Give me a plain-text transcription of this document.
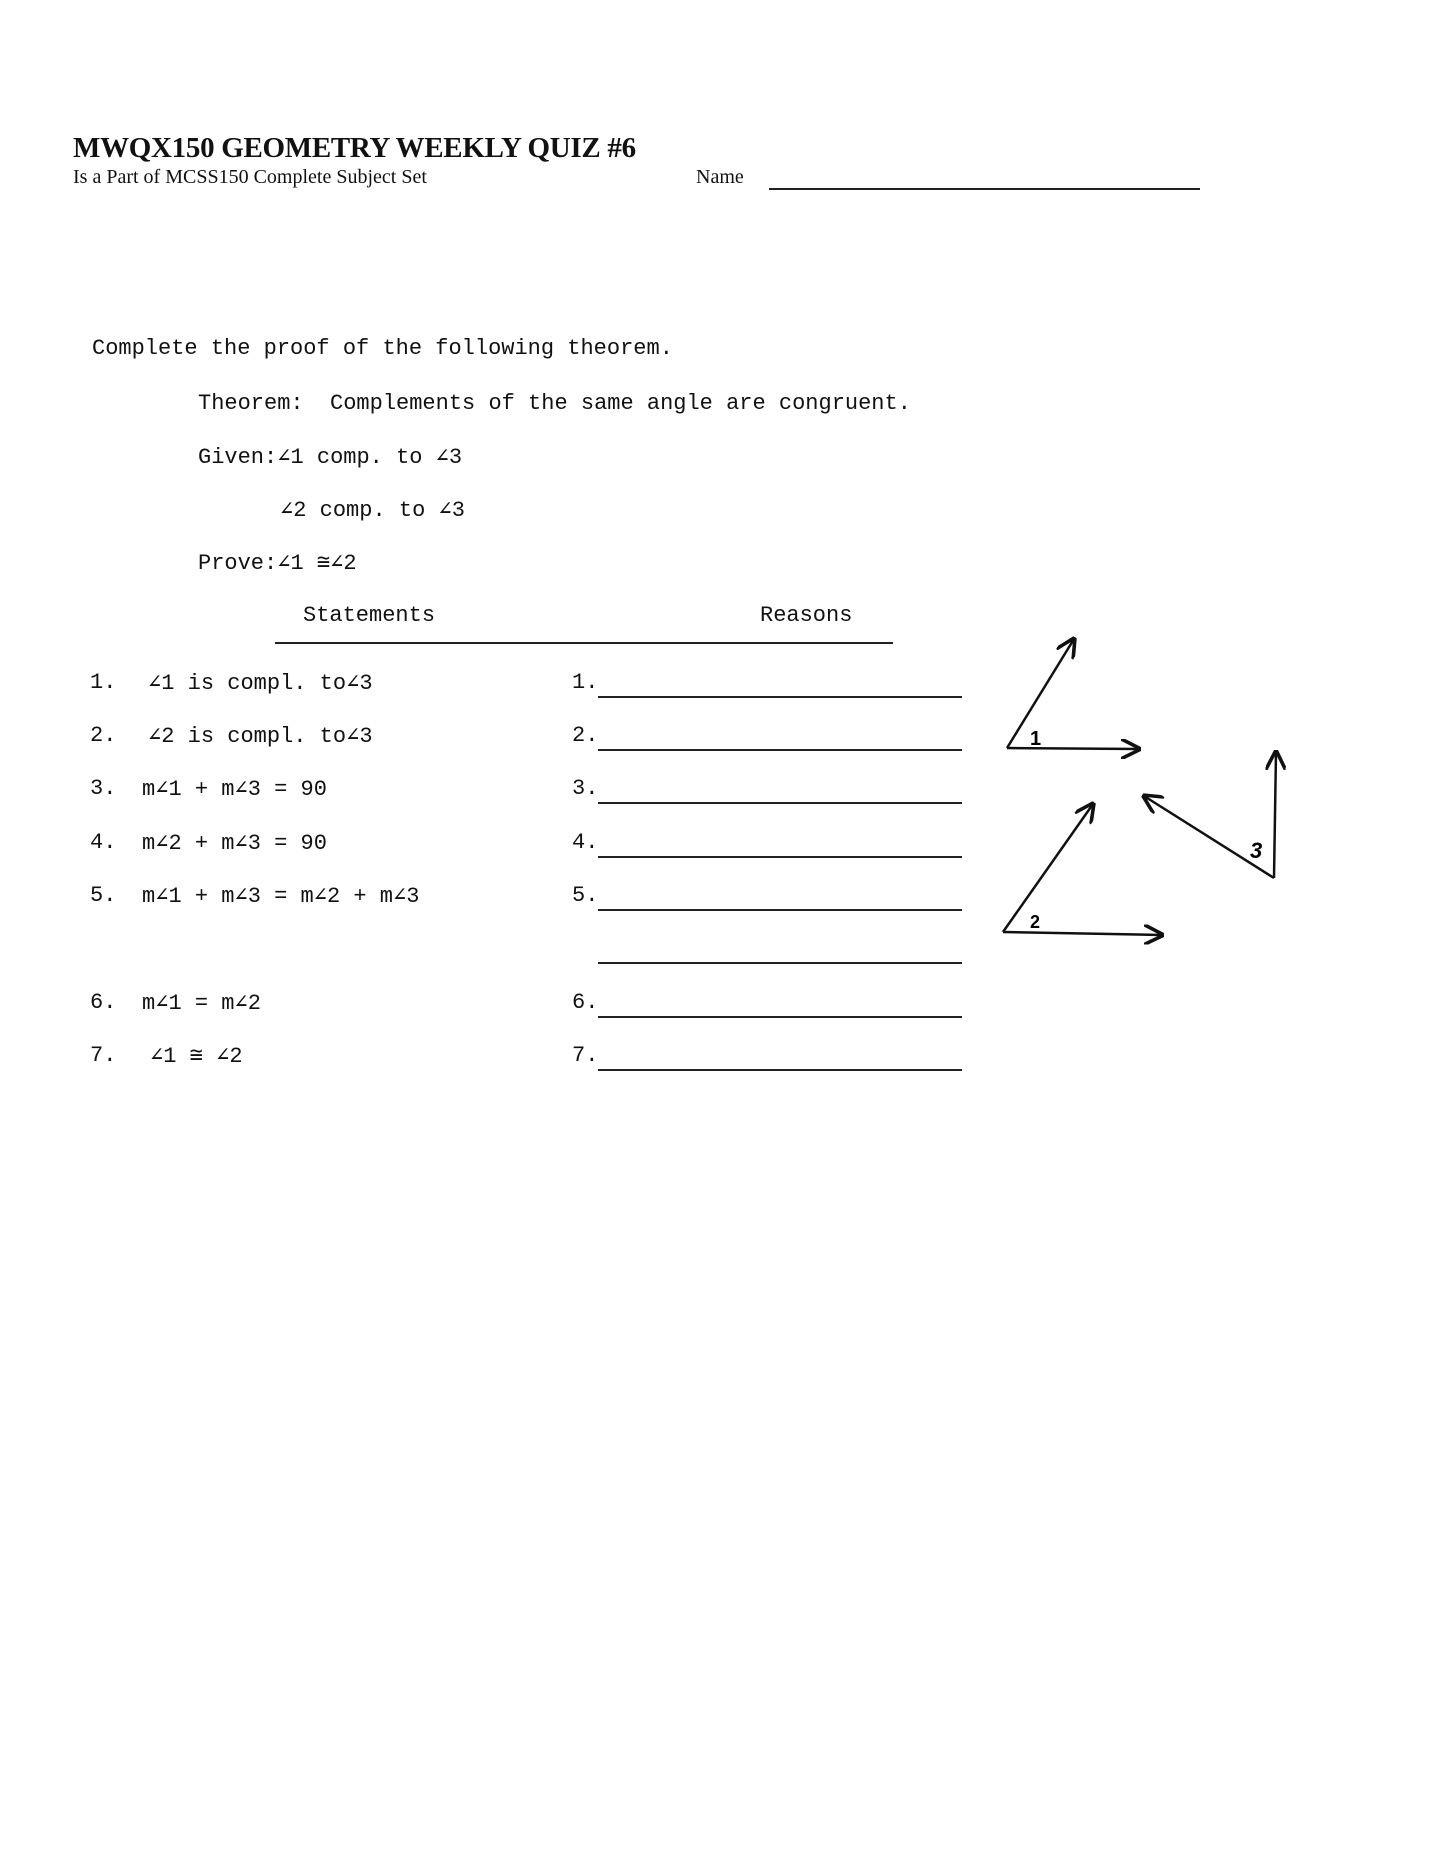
MWQX150 GEOMETRY WEEKLY QUIZ #6
Is a Part of MCSS150 Complete Subject Set	Name
Complete the proof of the following theorem.
Theorem:  Complements of the same angle are congruent.
Given:∠1 comp. to ∠3
∠2 comp. to ∠3
Prove:∠1 ≅∠2
Statements	Reasons
1. ∠1 is compl. to∠3	1.
2. ∠2 is compl. to∠3	2.
3. m∠1 + m∠3 = 90	3.
4. m∠2 + m∠3 = 90	4.
5. m∠1 + m∠3 = m∠2 + m∠3	5.
6. m∠1 = m∠2	6.
7. ∠1 ≅ ∠2	7.
1
2
3
